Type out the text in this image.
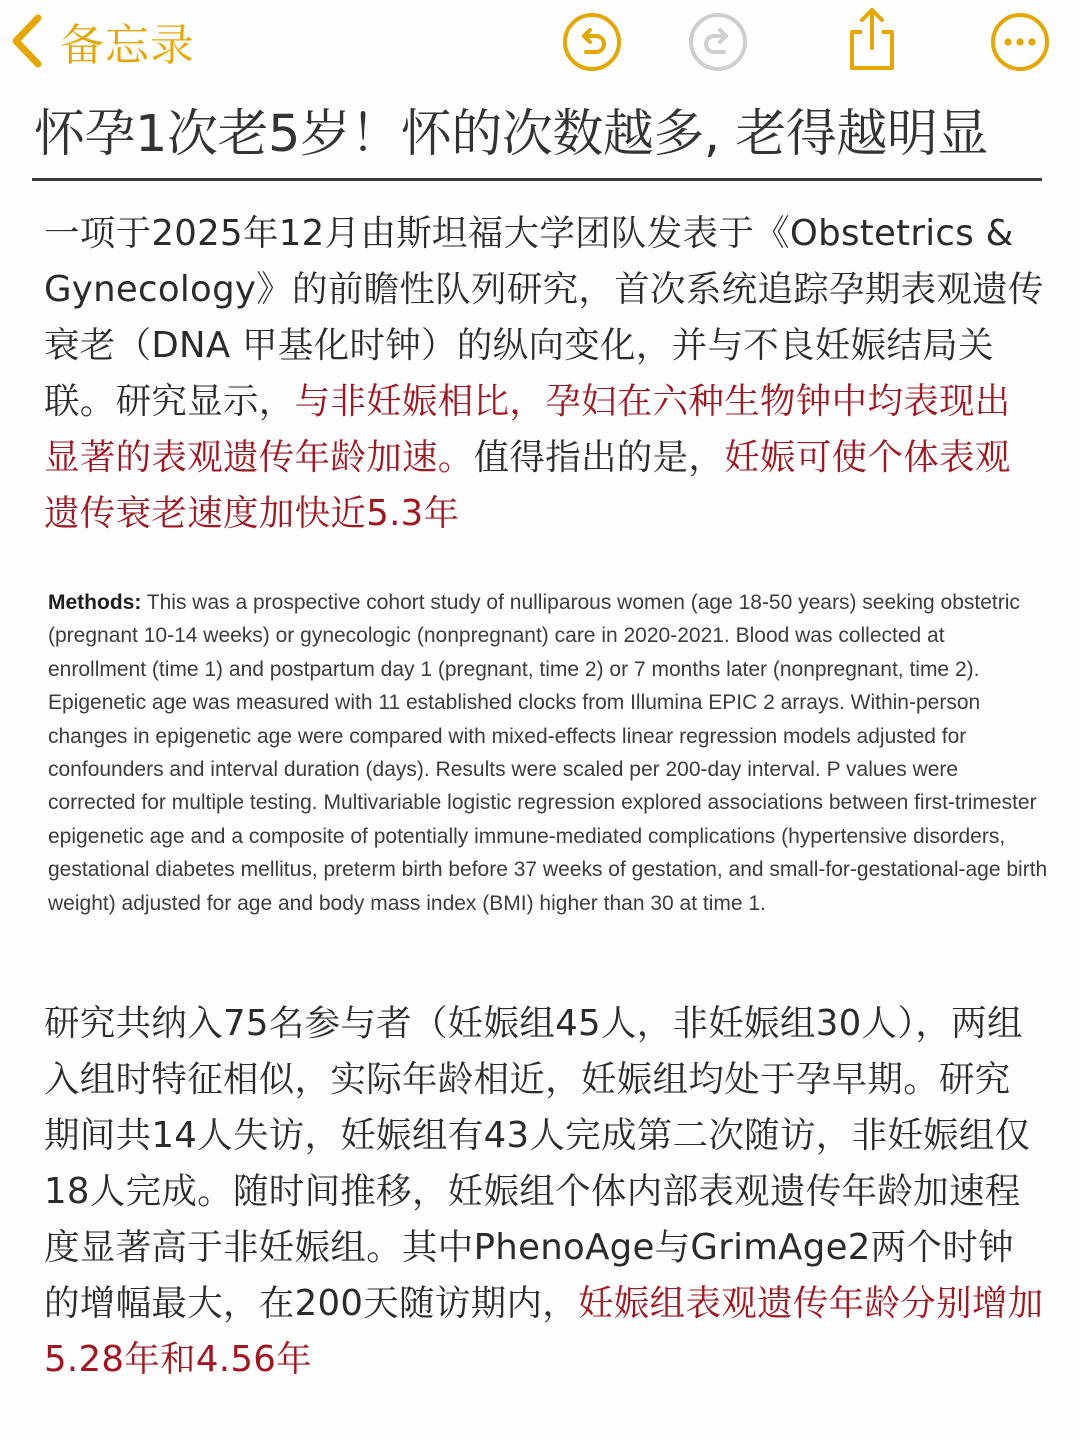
备忘录
怀孕1次老5岁！怀的次数越多, 老得越明显
一项于2025年12月由斯坦福大学团队发表于《Obstetrics & Gynecology》的前瞻性队列研究，首次系统追踪孕期表观遗传衰老（DNA 甲基化时钟）的纵向变化，并与不良妊娠结局关联。研究显示，与非妊娠相比，孕妇在六种生物钟中均表现出显著的表观遗传年龄加速。值得指出的是，妊娠可使个体表观遗传衰老速度加快近5.3年
Methods: This was a prospective cohort study of nulliparous women (age 18-50 years) seeking obstetric (pregnant 10-14 weeks) or gynecologic (nonpregnant) care in 2020-2021. Blood was collected at enrollment (time 1) and postpartum day 1 (pregnant, time 2) or 7 months later (nonpregnant, time 2). Epigenetic age was measured with 11 established clocks from Illumina EPIC 2 arrays. Within-person changes in epigenetic age were compared with mixed-effects linear regression models adjusted for confounders and interval duration (days). Results were scaled per 200-day interval. P values were corrected for multiple testing. Multivariable logistic regression explored associations between first-trimester epigenetic age and a composite of potentially immune-mediated complications (hypertensive disorders, gestational diabetes mellitus, preterm birth before 37 weeks of gestation, and small-for-gestational-age birth weight) adjusted for age and body mass index (BMI) higher than 30 at time 1.
研究共纳入75名参与者（妊娠组45人，非妊娠组30人），两组入组时特征相似，实际年龄相近，妊娠组均处于孕早期。研究期间共14人失访，妊娠组有43人完成第二次随访，非妊娠组仅18人完成。随时间推移，妊娠组个体内部表观遗传年龄加速程度显著高于非妊娠组。其中PhenoAge与GrimAge2两个时钟的增幅最大，在200天随访期内，妊娠组表观遗传年龄分别增加5.28年和4.56年
